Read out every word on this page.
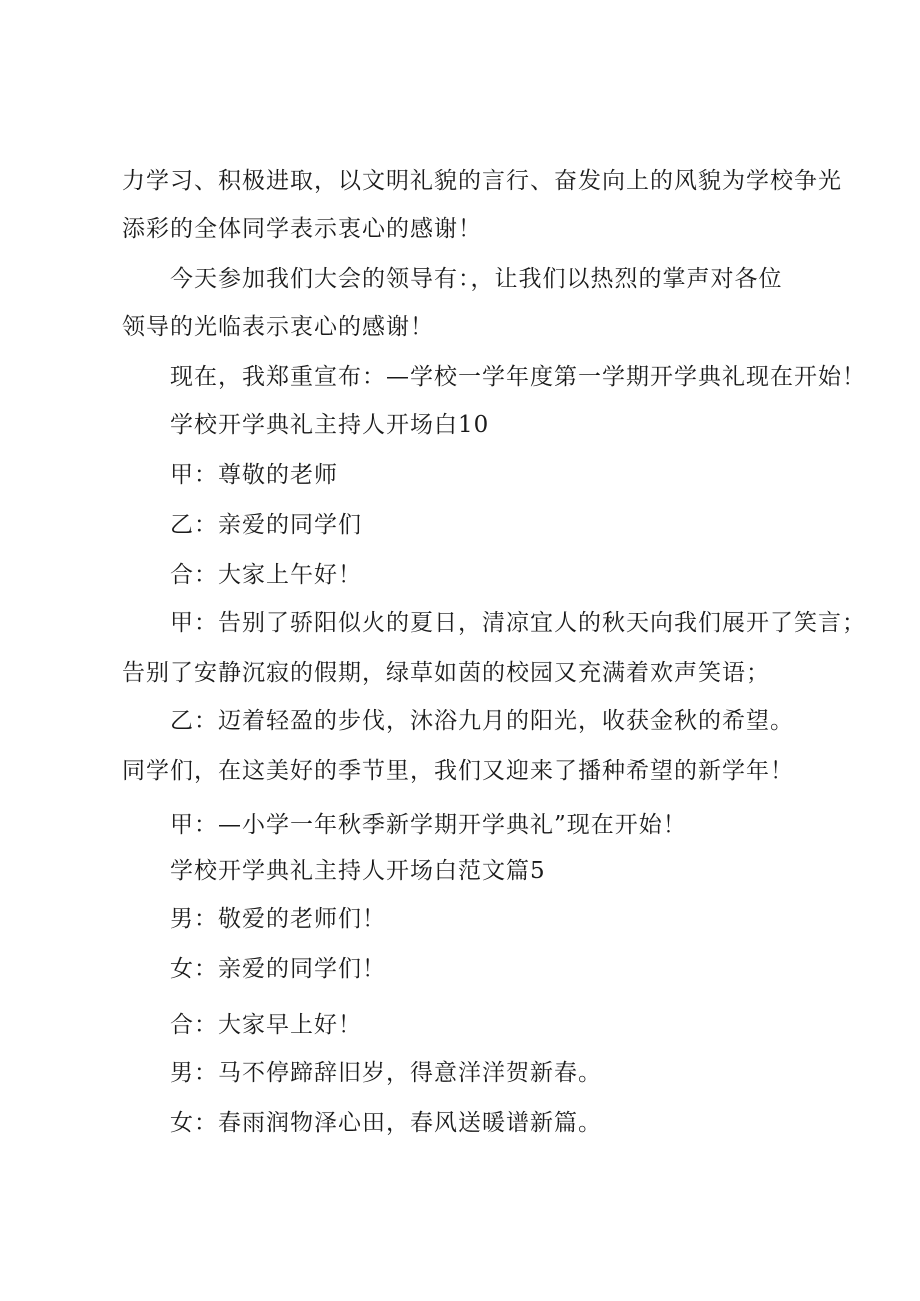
力学习、积极进取，以文明礼貌的言行、奋发向上的风貌为学校争光
添彩的全体同学表示衷心的感谢！
今天参加我们大会的领导有：，让我们以热烈的掌声对各位
领导的光临表示衷心的感谢！
现在，我郑重宣布：—学校一学年度第一学期开学典礼现在开始！
学校开学典礼主持人开场白10
甲：尊敬的老师
乙：亲爱的同学们
合：大家上午好！
甲：告别了骄阳似火的夏日，清凉宜人的秋天向我们展开了笑言；
告别了安静沉寂的假期，绿草如茵的校园又充满着欢声笑语；
乙：迈着轻盈的步伐，沐浴九月的阳光，收获金秋的希望。
同学们，在这美好的季节里，我们又迎来了播种希望的新学年！
甲：—小学一年秋季新学期开学典礼”现在开始！
学校开学典礼主持人开场白范文篇5
男：敬爱的老师们！
女：亲爱的同学们！
合：大家早上好！
男：马不停蹄辞旧岁，得意洋洋贺新春。
女：春雨润物泽心田，春风送暖谱新篇。
